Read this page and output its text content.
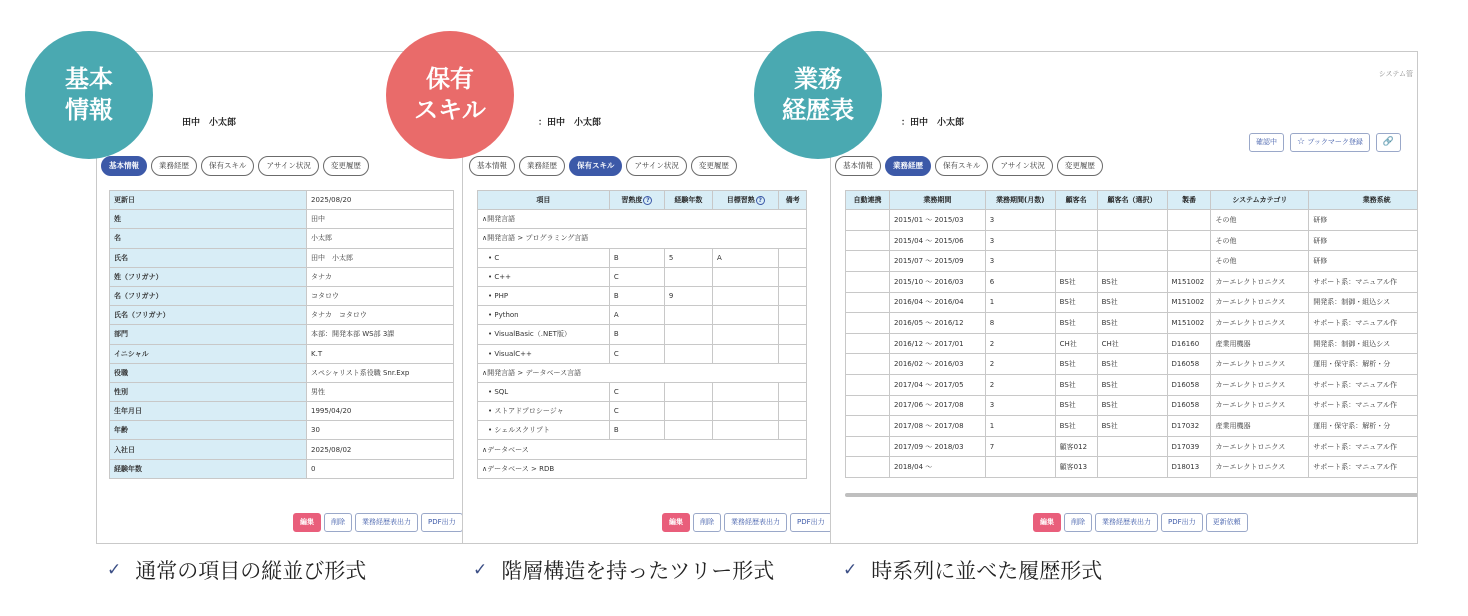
田中　小太郎
基本情報	業務経歴	保有スキル	アサイン状況	変更履歴
更新日	2025/08/20
姓	田中
名	小太郎
氏名	田中　小太郎
姓（フリガナ）	タナカ
名（フリガナ）	コタロウ
氏名（フリガナ）	タナカ　コタロウ
部門	本部：開発本部 WS部 3課
イニシャル	K.T
役職	スペシャリスト系役職 Snr.Exp
性別	男性
生年月日	1995/04/20
年齢	30
入社日	2025/08/02
経験年数	0
編集	削除	業務経歴表出力	PDF出力
：田中　小太郎
基本情報	業務経歴	保有スキル	アサイン状況	変更履歴
項目	習熟度 ?	経験年数	目標習熟 ?	備考
∧開発言語				
∧開発言語 > プログラミング言語				
• C	B	5	A	
• C++	C			
• PHP	B	9		
• Python	A			
• VisualBasic（.NET版）	B			
• VisualC++	C			
∧開発言語 > データベース言語				
• SQL	C			
• ストアドプロシージャ	C			
• シェルスクリプト	B			
∧データベース				
∧データベース > RDB				
編集	削除	業務経歴表出力	PDF出力
システム管
：田中　小太郎
確認中	☆ ブックマーク登録	🔗
基本情報	業務経歴	保有スキル	アサイン状況	変更履歴
自動連携	業務期間	業務期間(月数)	顧客名	顧客名（選択）	製番	システムカテゴリ	業務系統
	2015/01 ～ 2015/03	3				その他	研修
	2015/04 ～ 2015/06	3				その他	研修
	2015/07 ～ 2015/09	3				その他	研修
	2015/10 ～ 2016/03	6	BS社	BS社	M151002	カーエレクトロニクス	サポート系：マニュアル作
	2016/04 ～ 2016/04	1	BS社	BS社	M151002	カーエレクトロニクス	開発系：制御・組込シス
	2016/05 ～ 2016/12	8	BS社	BS社	M151002	カーエレクトロニクス	サポート系：マニュアル作
	2016/12 ～ 2017/01	2	CH社	CH社	D16160	産業用機器	開発系：制御・組込シス
	2016/02 ～ 2016/03	2	BS社	BS社	D16058	カーエレクトロニクス	運用・保守系：解析・分
	2017/04 ～ 2017/05	2	BS社	BS社	D16058	カーエレクトロニクス	サポート系：マニュアル作
	2017/06 ～ 2017/08	3	BS社	BS社	D16058	カーエレクトロニクス	サポート系：マニュアル作
	2017/08 ～ 2017/08	1	BS社	BS社	D17032	産業用機器	運用・保守系：解析・分
	2017/09 ～ 2018/03	7	顧客012		D17039	カーエレクトロニクス	サポート系：マニュアル作
	2018/04 ～		顧客013		D18013	カーエレクトロニクス	サポート系：マニュアル作
編集	削除	業務経歴表出力	PDF出力	更新依頼
基本
情報
保有
スキル
業務
経歴表
✓ 通常の項目の縦並び形式	✓ 階層構造を持ったツリー形式	✓ 時系列に並べた履歴形式
